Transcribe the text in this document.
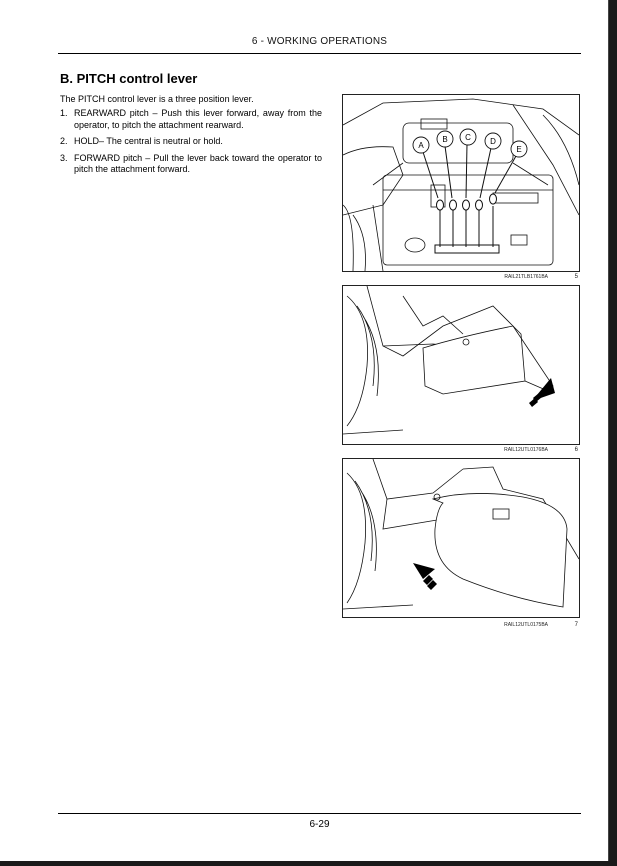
6 - WORKING OPERATIONS
B. PITCH control lever
The PITCH control lever is a three position lever.
1. REARWARD pitch – Push this lever forward, away from the operator, to pitch the attachment rearward.
2. HOLD– The central is neutral or hold.
3. FORWARD pitch – Pull the lever back toward the operator to pitch the attachment forward.
A
B C D
E
RAIL21TLB1761BA	5
RAIL12UTL0176BA	6
RAIL12UTL0175BA	7
6-29
